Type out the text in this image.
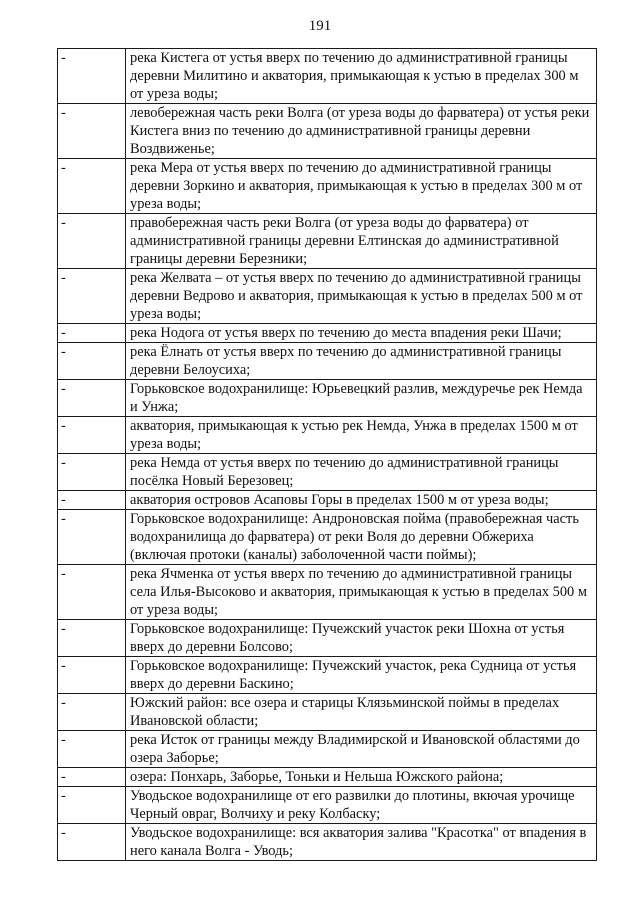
191
-	река Кистега от устья вверх по течению до административной границы деревни Милитино и акватория, примыкающая к устью в пределах 300 м от уреза воды;
-	левобережная часть реки Волга (от уреза воды до фарватера) от устья реки Кистега вниз по течению до административной границы деревни Воздвиженье;
-	река Мера от устья вверх по течению до административной границы деревни Зоркино и акватория, примыкающая к устью в пределах 300 м от уреза воды;
-	правобережная часть реки Волга (от уреза воды до фарватера) от административной границы деревни Елтинская до административной границы деревни Березники;
-	река Желвата – от устья вверх по течению до административной границы деревни Ведрово и акватория, примыкающая к устью в пределах 500 м от уреза воды;
-	река Нодога от устья вверх по течению до места впадения реки Шачи;
-	река Ёлнать от устья вверх по течению до административной границы деревни Белоусиха;
-	Горьковское водохранилище: Юрьевецкий разлив, междуречье рек Немда и Унжа;
-	акватория, примыкающая к устью рек Немда, Унжа в пределах 1500 м от уреза воды;
-	река Немда от устья вверх по течению до административной границы посёлка Новый Березовец;
-	акватория островов Асаповы Горы в пределах 1500 м от уреза воды;
-	Горьковское водохранилище: Андроновская пойма (правобережная часть водохранилища до фарватера) от реки Воля до деревни Обжериха (включая протоки (каналы) заболоченной части поймы);
-	река Ячменка от устья вверх по течению до административной границы села Илья-Высоково и акватория, примыкающая к устью в пределах 500 м от уреза воды;
-	Горьковское водохранилище: Пучежский участок реки Шохна от устья вверх до деревни Болсово;
-	Горьковское водохранилище: Пучежский участок, река Судница от устья вверх до деревни Баскино;
-	Южский район: все озера и старицы Клязьминской поймы в пределах Ивановской области;
-	река Исток от границы между Владимирской и Ивановской областями до озера Заборье;
-	озера: Понхарь, Заборье, Тоньки и Нельша Южского района;
-	Уводьское водохранилище от его развилки до плотины, вкючая урочище Черный овраг, Волчиху и реку Колбаску;
-	Уводьское водохранилище: вся акватория залива "Красотка" от впадения в него канала Волга - Уводь;
